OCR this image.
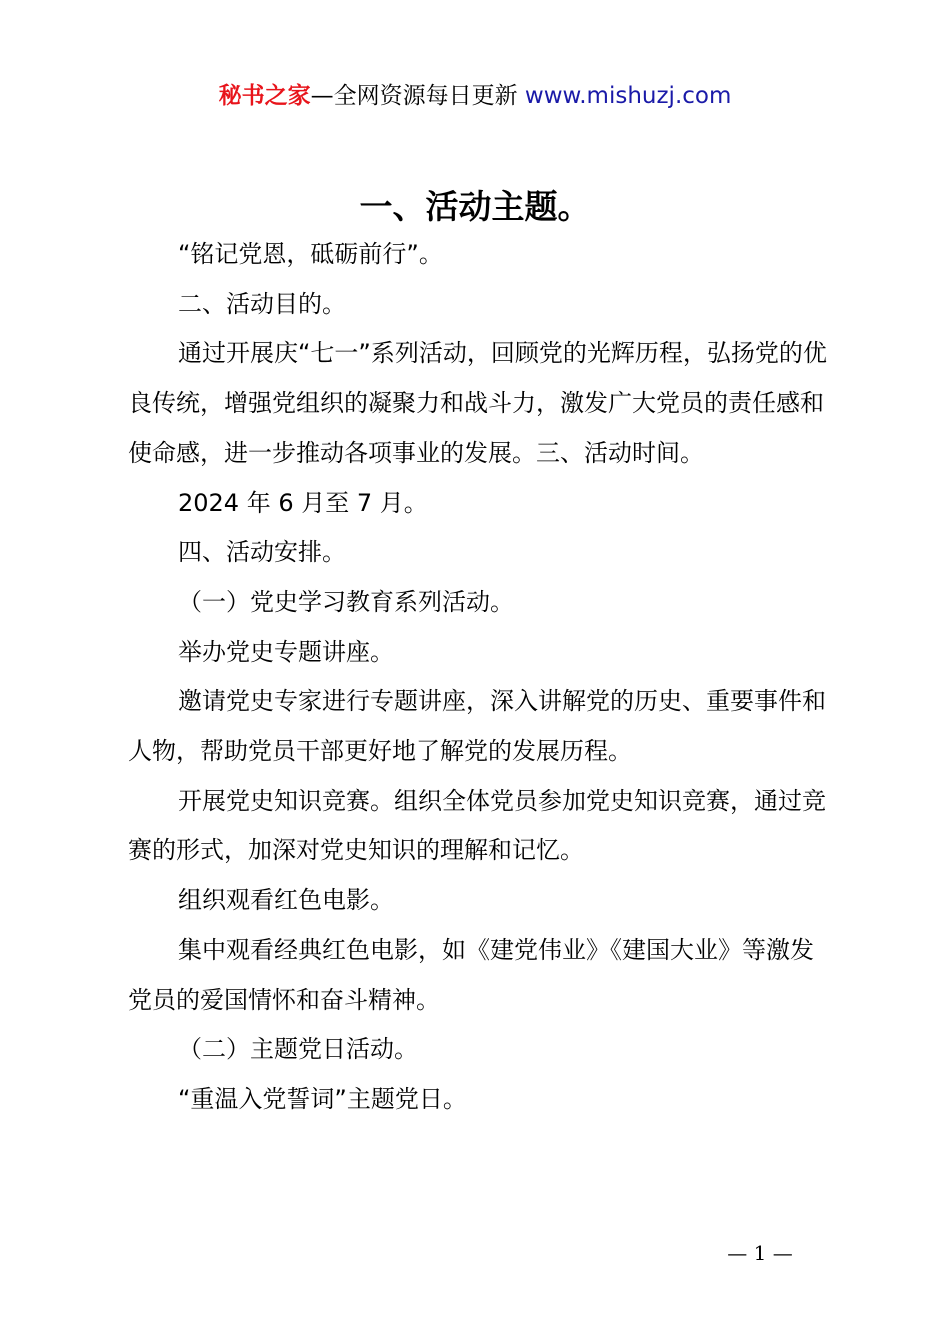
秘书之家—全网资源每日更新 www.mishuzj.com
一、活动主题。

“铭记党恩，砥砺前行”。

二、活动目的。

通过开展庆“七一”系列活动，回顾党的光辉历程，弘扬党的优良传统，增强党组织的凝聚力和战斗力，激发广大党员的责任感和使命感，进一步推动各项事业的发展。三、活动时间。

2024 年 6 月至 7 月。

四、活动安排。

（一）党史学习教育系列活动。

举办党史专题讲座。

邀请党史专家进行专题讲座，深入讲解党的历史、重要事件和人物，帮助党员干部更好地了解党的发展历程。

开展党史知识竞赛。组织全体党员参加党史知识竞赛，通过竞赛的形式，加深对党史知识的理解和记忆。

组织观看红色电影。

集中观看经典红色电影，如《建党伟业》《建国大业》等激发党员的爱国情怀和奋斗精神。

（二）主题党日活动。

“重温入党誓词”主题党日。

— 1 —
